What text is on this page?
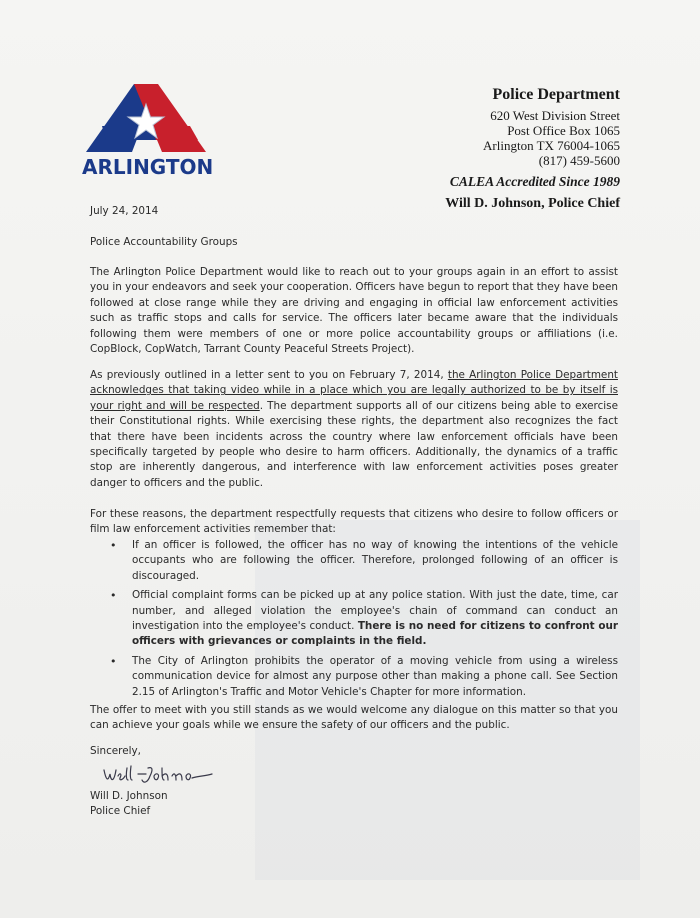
ARLINGTON
Police Department
620 West Division Street
Post Office Box 1065
Arlington TX 76004-1065
(817) 459-5600
CALEA Accredited Since 1989
Will D. Johnson, Police Chief
July 24, 2014
Police Accountability Groups
The Arlington Police Department would like to reach out to your groups again in an effort to assist you in your endeavors and seek your cooperation. Officers have begun to report that they have been followed at close range while they are driving and engaging in official law enforcement activities such as traffic stops and calls for service. The officers later became aware that the individuals following them were members of one or more police accountability groups or affiliations (i.e. CopBlock, CopWatch, Tarrant County Peaceful Streets Project).
As previously outlined in a letter sent to you on February 7, 2014, the Arlington Police Department acknowledges that taking video while in a place which you are legally authorized to be by itself is your right and will be respected. The department supports all of our citizens being able to exercise their Constitutional rights. While exercising these rights, the department also recognizes the fact that there have been incidents across the country where law enforcement officials have been specifically targeted by people who desire to harm officers. Additionally, the dynamics of a traffic stop are inherently dangerous, and interference with law enforcement activities poses greater danger to officers and the public.
For these reasons, the department respectfully requests that citizens who desire to follow officers or film law enforcement activities remember that:
• If an officer is followed, the officer has no way of knowing the intentions of the vehicle occupants who are following the officer. Therefore, prolonged following of an officer is discouraged.
• Official complaint forms can be picked up at any police station. With just the date, time, car number, and alleged violation the employee's chain of command can conduct an investigation into the employee's conduct. There is no need for citizens to confront our officers with grievances or complaints in the field.
• The City of Arlington prohibits the operator of a moving vehicle from using a wireless communication device for almost any purpose other than making a phone call. See Section 2.15 of Arlington's Traffic and Motor Vehicle's Chapter for more information.
The offer to meet with you still stands as we would welcome any dialogue on this matter so that you can achieve your goals while we ensure the safety of our officers and the public.
Sincerely,
Will D. Johnson
Police Chief
